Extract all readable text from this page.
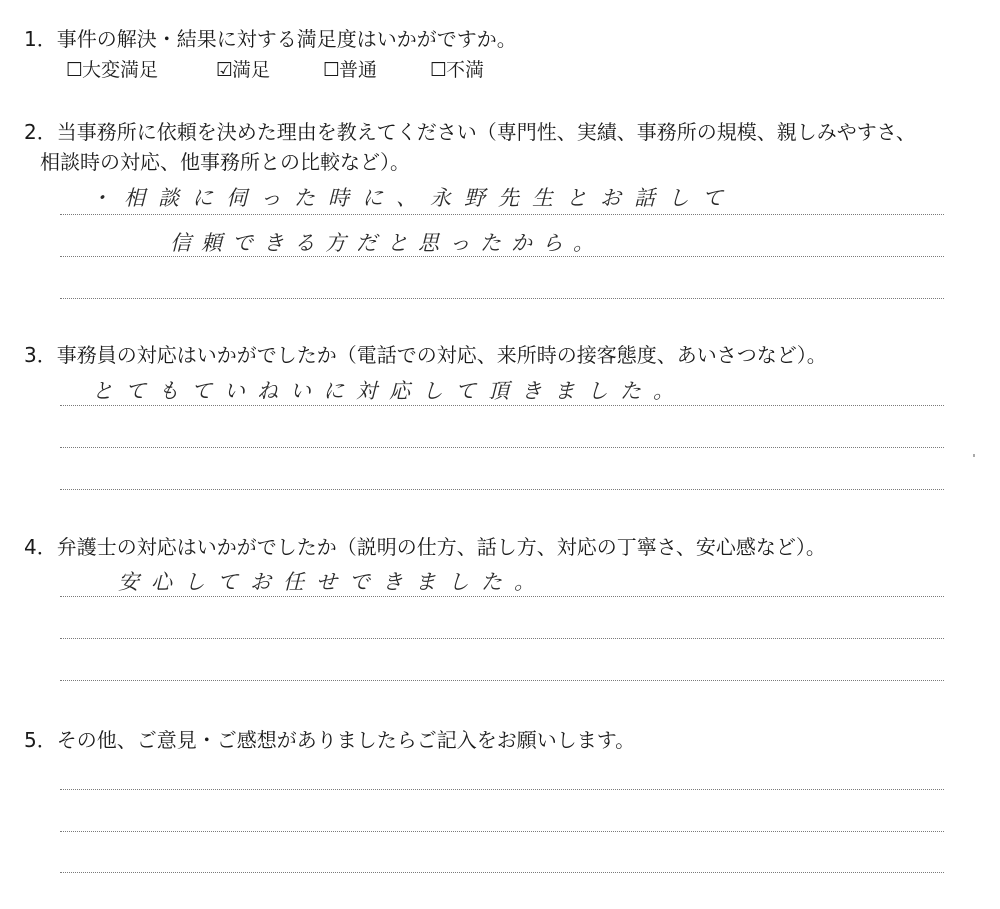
1．事件の解決・結果に対する満足度はいかがですか。
☐大変満足	☑満足	☐普通	☐不満
2．当事務所に依頼を決めた理由を教えてください（専門性、実績、事務所の規模、親しみやすさ、
相談時の対応、他事務所との比較など）。
・相談に伺った時に、永野先生とお話して
信頼できる方だと思ったから。
3．事務員の対応はいかがでしたか（電話での対応、来所時の接客態度、あいさつなど）。
とてもていねいに対応して頂きました。
4．弁護士の対応はいかがでしたか（説明の仕方、話し方、対応の丁寧さ、安心感など）。
安心してお任せできました。
5．その他、ご意見・ご感想がありましたらご記入をお願いします。
